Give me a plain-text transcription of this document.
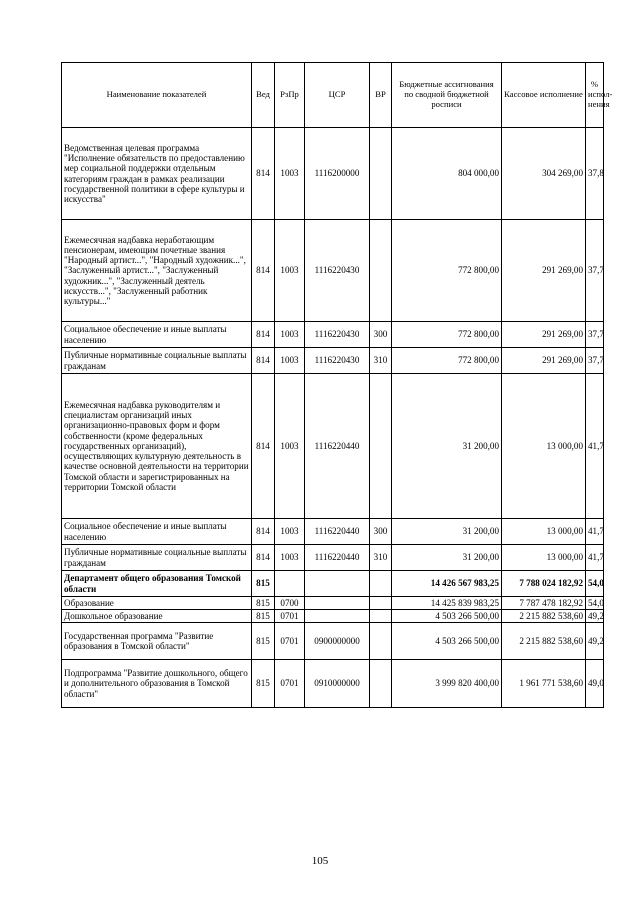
Наименование показателей	Вед	РзПр	ЦСР	ВР	Бюджетные ассигнования по сводной бюджетной росписи	Кассовое исполнение	% испол-нения

Ведомственная целевая программа "Исполнение обязательств по предоставлению мер социальной поддержки отдельным категориям граждан в рамках реализации государственной политики в сфере культуры и искусства"	814	1003	1116200000		804 000,00	304 269,00	37,8

Ежемесячная надбавка неработающим пенсионерам, имеющим почетные звания "Народный артист...", "Народный художник...", "Заслуженный артист...", "Заслуженный художник...", "Заслуженный деятель искусств...", "Заслуженный работник культуры..."	814	1003	1116220430		772 800,00	291 269,00	37,7

Социальное обеспечение и иные выплаты населению	814	1003	1116220430	300	772 800,00	291 269,00	37,7

Публичные нормативные социальные выплаты гражданам	814	1003	1116220430	310	772 800,00	291 269,00	37,7

Ежемесячная надбавка руководителям и специалистам организаций иных организационно-правовых форм и форм собственности (кроме федеральных государственных организаций), осуществляющих культурную деятельность в качестве основной деятельности на территории Томской области и зарегистрированных на территории Томской области	814	1003	1116220440		31 200,00	13 000,00	41,7

Социальное обеспечение и иные выплаты населению	814	1003	1116220440	300	31 200,00	13 000,00	41,7

Публичные нормативные социальные выплаты гражданам	814	1003	1116220440	310	31 200,00	13 000,00	41,7

Департамент общего образования Томской области	815				14 426 567 983,25	7 788 024 182,92	54,0

Образование	815	0700			14 425 839 983,25	7 787 478 182,92	54,0

Дошкольное образование	815	0701			4 503 266 500,00	2 215 882 538,60	49,2

Государственная программа "Развитие образования в Томской области"	815	0701	0900000000		4 503 266 500,00	2 215 882 538,60	49,2

Подпрограмма "Развитие дошкольного, общего и дополнительного образования в Томской области"	815	0701	0910000000		3 999 820 400,00	1 961 771 538,60	49,0
105
